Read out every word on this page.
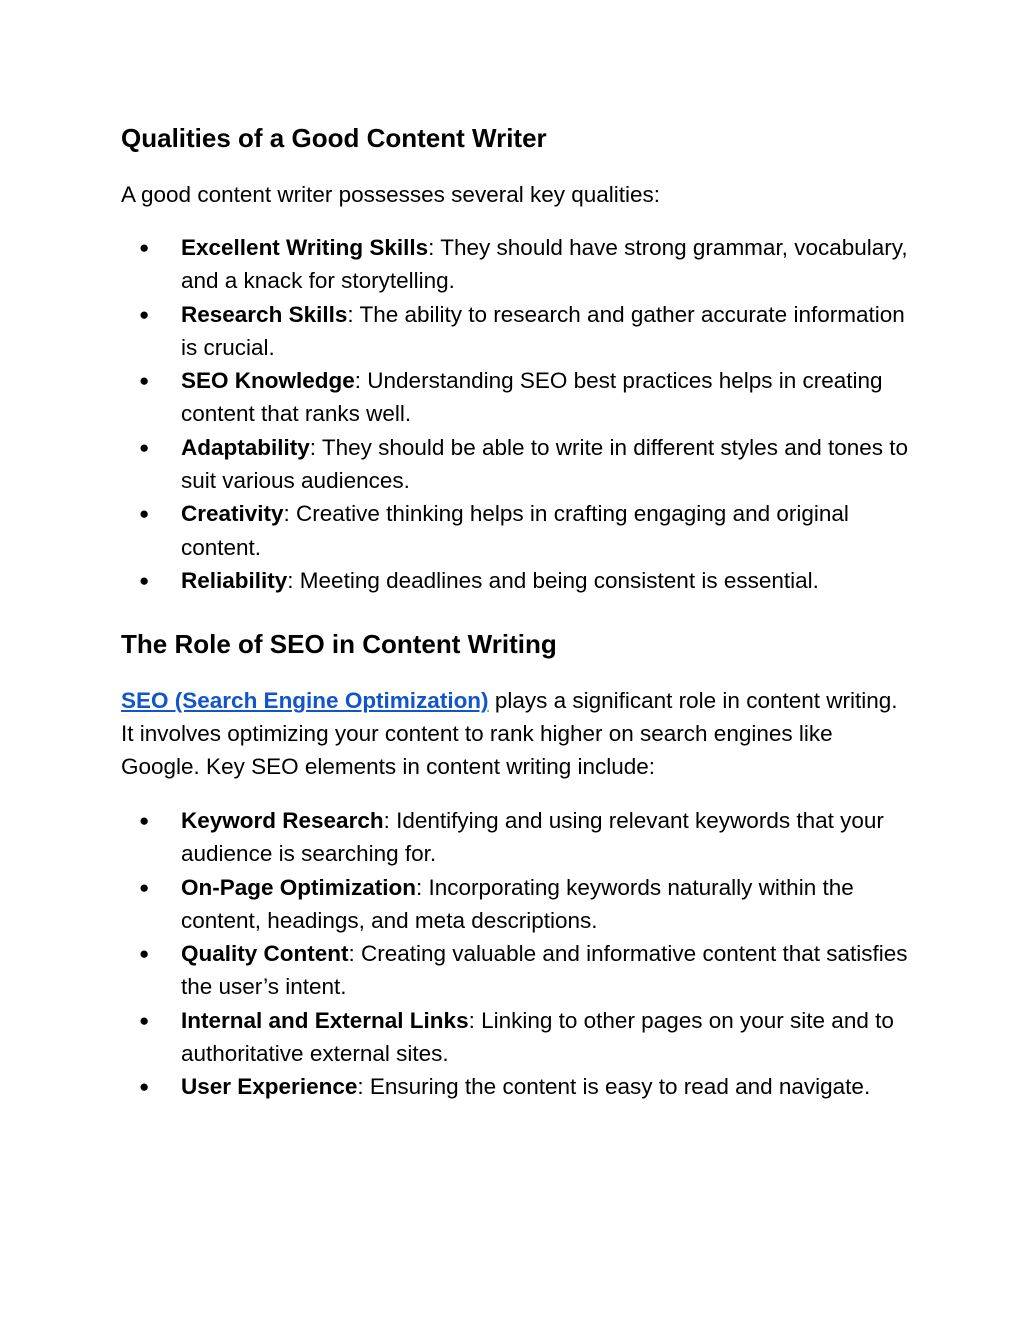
Qualities of a Good Content Writer

A good content writer possesses several key qualities:

● Excellent Writing Skills: They should have strong grammar, vocabulary, and a knack for storytelling.
● Research Skills: The ability to research and gather accurate information is crucial.
● SEO Knowledge: Understanding SEO best practices helps in creating content that ranks well.
● Adaptability: They should be able to write in different styles and tones to suit various audiences.
● Creativity: Creative thinking helps in crafting engaging and original content.
● Reliability: Meeting deadlines and being consistent is essential.
The Role of SEO in Content Writing

SEO (Search Engine Optimization) plays a significant role in content writing. It involves optimizing your content to rank higher on search engines like Google. Key SEO elements in content writing include:

● Keyword Research: Identifying and using relevant keywords that your audience is searching for.
● On-Page Optimization: Incorporating keywords naturally within the content, headings, and meta descriptions.
● Quality Content: Creating valuable and informative content that satisfies the user’s intent.
● Internal and External Links: Linking to other pages on your site and to authoritative external sites.
● User Experience: Ensuring the content is easy to read and navigate.
